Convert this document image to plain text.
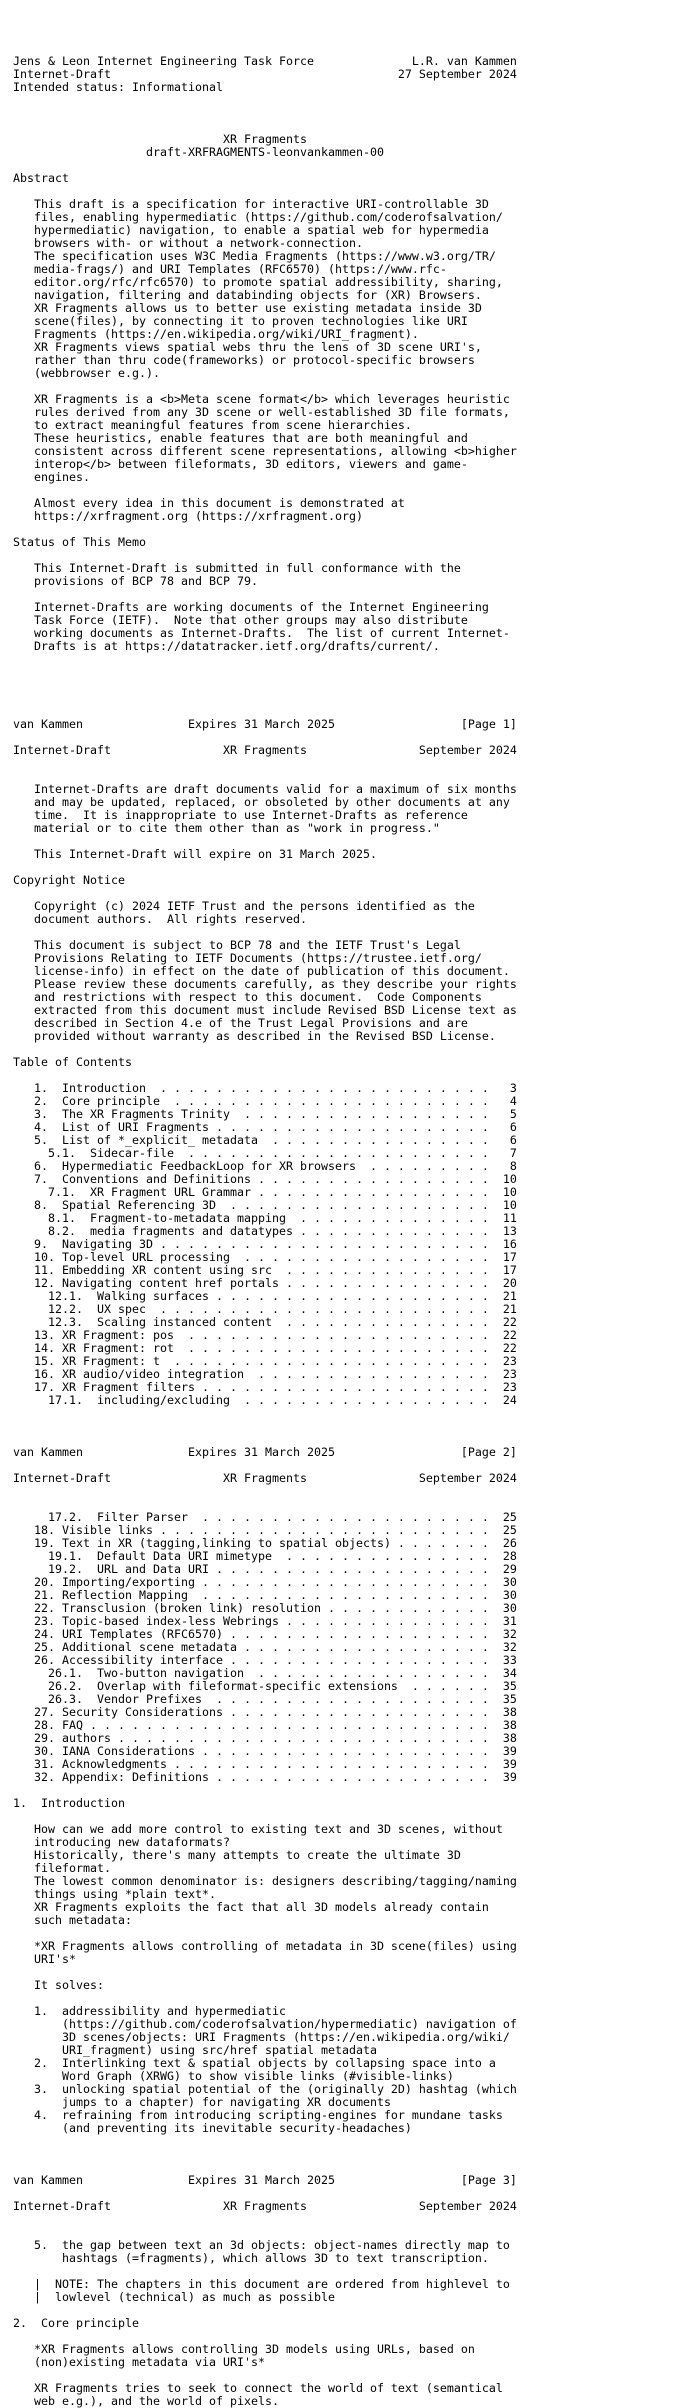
Jens & Leon Internet Engineering Task Force              L.R. van Kammen
Internet-Draft                                         27 September 2024
Intended status: Informational
XR Fragments
draft-XRFRAGMENTS-leonvankammen-00
Abstract
This draft is a specification for interactive URI-controllable 3D
files, enabling hypermediatic (https://github.com/coderofsalvation/
hypermediatic) navigation, to enable a spatial web for hypermedia
browsers with- or without a network-connection.
The specification uses W3C Media Fragments (https://www.w3.org/TR/
media-frags/) and URI Templates (RFC6570) (https://www.rfc-
editor.org/rfc/rfc6570) to promote spatial addressibility, sharing,
navigation, filtering and databinding objects for (XR) Browsers.
XR Fragments allows us to better use existing metadata inside 3D
scene(files), by connecting it to proven technologies like URI
Fragments (https://en.wikipedia.org/wiki/URI_fragment).
XR Fragments views spatial webs thru the lens of 3D scene URI's,
rather than thru code(frameworks) or protocol-specific browsers
(webbrowser e.g.).
XR Fragments is a <b>Meta scene format</b> which leverages heuristic
rules derived from any 3D scene or well-established 3D file formats,
to extract meaningful features from scene hierarchies.
These heuristics, enable features that are both meaningful and
consistent across different scene representations, allowing <b>higher
interop</b> between fileformats, 3D editors, viewers and game-
engines.
Almost every idea in this document is demonstrated at
https://xrfragment.org (https://xrfragment.org)
Status of This Memo
This Internet-Draft is submitted in full conformance with the
provisions of BCP 78 and BCP 79.
Internet-Drafts are working documents of the Internet Engineering
Task Force (IETF).  Note that other groups may also distribute
working documents as Internet-Drafts.  The list of current Internet-
Drafts is at https://datatracker.ietf.org/drafts/current/.
van Kammen               Expires 31 March 2025                  [Page 1]
Internet-Draft                XR Fragments                September 2024
Internet-Drafts are draft documents valid for a maximum of six months
and may be updated, replaced, or obsoleted by other documents at any
time.  It is inappropriate to use Internet-Drafts as reference
material or to cite them other than as "work in progress."
This Internet-Draft will expire on 31 March 2025.
Copyright Notice
Copyright (c) 2024 IETF Trust and the persons identified as the
document authors.  All rights reserved.
This document is subject to BCP 78 and the IETF Trust's Legal
Provisions Relating to IETF Documents (https://trustee.ietf.org/
license-info) in effect on the date of publication of this document.
Please review these documents carefully, as they describe your rights
and restrictions with respect to this document.  Code Components
extracted from this document must include Revised BSD License text as
described in Section 4.e of the Trust Legal Provisions and are
provided without warranty as described in the Revised BSD License.
Table of Contents
1.  Introduction  . . . . . . . . . . . . . . . . . . . . . . . .   3
2.  Core principle  . . . . . . . . . . . . . . . . . . . . . . .   4
3.  The XR Fragments Trinity  . . . . . . . . . . . . . . . . . .   5
4.  List of URI Fragments . . . . . . . . . . . . . . . . . . . .   6
5.  List of *_explicit_ metadata  . . . . . . . . . . . . . . . .   6
5.1.  Sidecar-file  . . . . . . . . . . . . . . . . . . . . . .   7
6.  Hypermediatic FeedbackLoop for XR browsers  . . . . . . . . .   8
7.  Conventions and Definitions . . . . . . . . . . . . . . . . .  10
7.1.  XR Fragment URL Grammar . . . . . . . . . . . . . . . . .  10
8.  Spatial Referencing 3D  . . . . . . . . . . . . . . . . . . .  10
8.1.  Fragment-to-metadata mapping  . . . . . . . . . . . . . .  11
8.2.  media fragments and datatypes . . . . . . . . . . . . . .  13
9.  Navigating 3D . . . . . . . . . . . . . . . . . . . . . . . .  16
10. Top-level URL processing  . . . . . . . . . . . . . . . . . .  17
11. Embedding XR content using src  . . . . . . . . . . . . . . .  17
12. Navigating content href portals . . . . . . . . . . . . . . .  20
12.1.  Walking surfaces . . . . . . . . . . . . . . . . . . . .  21
12.2.  UX spec  . . . . . . . . . . . . . . . . . . . . . . . .  21
12.3.  Scaling instanced content  . . . . . . . . . . . . . . .  22
13. XR Fragment: pos  . . . . . . . . . . . . . . . . . . . . . .  22
14. XR Fragment: rot  . . . . . . . . . . . . . . . . . . . . . .  22
15. XR Fragment: t  . . . . . . . . . . . . . . . . . . . . . . .  23
16. XR audio/video integration  . . . . . . . . . . . . . . . . .  23
17. XR Fragment filters . . . . . . . . . . . . . . . . . . . . .  23
17.1.  including/excluding  . . . . . . . . . . . . . . . . . .  24
van Kammen               Expires 31 March 2025                  [Page 2]
Internet-Draft                XR Fragments                September 2024
17.2.  Filter Parser  . . . . . . . . . . . . . . . . . . . . .  25
18. Visible links . . . . . . . . . . . . . . . . . . . . . . . .  25
19. Text in XR (tagging,linking to spatial objects) . . . . . . .  26
19.1.  Default Data URI mimetype  . . . . . . . . . . . . . . .  28
19.2.  URL and Data URI . . . . . . . . . . . . . . . . . . . .  29
20. Importing/exporting . . . . . . . . . . . . . . . . . . . . .  30
21. Reflection Mapping  . . . . . . . . . . . . . . . . . . . . .  30
22. Transclusion (broken link) resolution . . . . . . . . . . . .  30
23. Topic-based index-less Webrings . . . . . . . . . . . . . . .  31
24. URI Templates (RFC6570) . . . . . . . . . . . . . . . . . . .  32
25. Additional scene metadata . . . . . . . . . . . . . . . . . .  32
26. Accessibility interface . . . . . . . . . . . . . . . . . . .  33
26.1.  Two-button navigation  . . . . . . . . . . . . . . . . .  34
26.2.  Overlap with fileformat-specific extensions  . . . . . .  35
26.3.  Vendor Prefixes  . . . . . . . . . . . . . . . . . . . .  35
27. Security Considerations . . . . . . . . . . . . . . . . . . .  38
28. FAQ . . . . . . . . . . . . . . . . . . . . . . . . . . . . .  38
29. authors . . . . . . . . . . . . . . . . . . . . . . . . . . .  38
30. IANA Considerations . . . . . . . . . . . . . . . . . . . . .  39
31. Acknowledgments . . . . . . . . . . . . . . . . . . . . . . .  39
32. Appendix: Definitions . . . . . . . . . . . . . . . . . . . .  39
1.  Introduction
How can we add more control to existing text and 3D scenes, without
introducing new dataformats?
Historically, there's many attempts to create the ultimate 3D
fileformat.
The lowest common denominator is: designers describing/tagging/naming
things using *plain text*.
XR Fragments exploits the fact that all 3D models already contain
such metadata:
*XR Fragments allows controlling of metadata in 3D scene(files) using
URI's*
It solves:
1.  addressibility and hypermediatic
(https://github.com/coderofsalvation/hypermediatic) navigation of
3D scenes/objects: URI Fragments (https://en.wikipedia.org/wiki/
URI_fragment) using src/href spatial metadata
2.  Interlinking text & spatial objects by collapsing space into a
Word Graph (XRWG) to show visible links (#visible-links)
3.  unlocking spatial potential of the (originally 2D) hashtag (which
jumps to a chapter) for navigating XR documents
4.  refraining from introducing scripting-engines for mundane tasks
(and preventing its inevitable security-headaches)
van Kammen               Expires 31 March 2025                  [Page 3]
Internet-Draft                XR Fragments                September 2024
5.  the gap between text an 3d objects: object-names directly map to
hashtags (=fragments), which allows 3D to text transcription.
|  NOTE: The chapters in this document are ordered from highlevel to
|  lowlevel (technical) as much as possible
2.  Core principle
*XR Fragments allows controlling 3D models using URLs, based on
(non)existing metadata via URI's*
XR Fragments tries to seek to connect the world of text (semantical
web e.g.), and the world of pixels.
